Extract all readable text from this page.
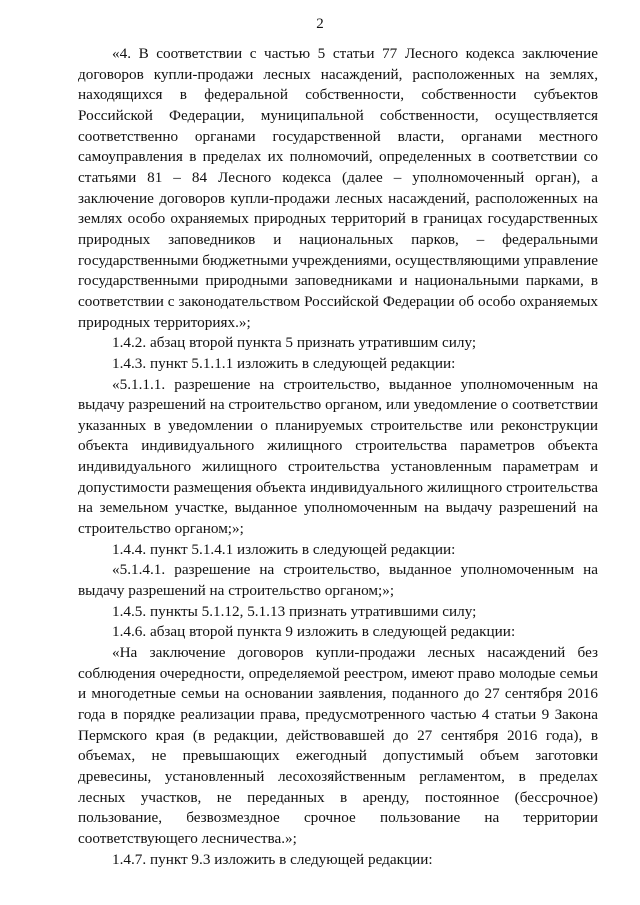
2

«4. В соответствии с частью 5 статьи 77 Лесного кодекса заключение договоров купли-продажи лесных насаждений, расположенных на землях, находящихся в федеральной собственности, собственности субъектов Российской Федерации, муниципальной собственности, осуществляется соответственно органами государственной власти, органами местного самоуправления в пределах их полномочий, определенных в соответствии со статьями 81 – 84 Лесного кодекса (далее – уполномоченный орган), а заключение договоров купли-продажи лесных насаждений, расположенных на землях особо охраняемых природных территорий в границах государственных природных заповедников и национальных парков, – федеральными государственными бюджетными учреждениями, осуществляющими управление государственными природными заповедниками и национальными парками, в соответствии с законодательством Российской Федерации об особо охраняемых природных территориях.»;

1.4.2. абзац второй пункта 5 признать утратившим силу;

1.4.3. пункт 5.1.1.1 изложить в следующей редакции:

«5.1.1.1. разрешение на строительство, выданное уполномоченным на выдачу разрешений на строительство органом, или уведомление о соответствии указанных в уведомлении о планируемых строительстве или реконструкции объекта индивидуального жилищного строительства параметров объекта индивидуального жилищного строительства установленным параметрам и допустимости размещения объекта индивидуального жилищного строительства на земельном участке, выданное уполномоченным на выдачу разрешений на строительство органом;»;

1.4.4. пункт 5.1.4.1 изложить в следующей редакции:

«5.1.4.1. разрешение на строительство, выданное уполномоченным на выдачу разрешений на строительство органом;»;

1.4.5. пункты 5.1.12, 5.1.13 признать утратившими силу;

1.4.6. абзац второй пункта 9 изложить в следующей редакции:

«На заключение договоров купли-продажи лесных насаждений без соблюдения очередности, определяемой реестром, имеют право молодые семьи и многодетные семьи на основании заявления, поданного до 27 сентября 2016 года в порядке реализации права, предусмотренного частью 4 статьи 9 Закона Пермского края (в редакции, действовавшей до 27 сентября 2016 года), в объемах, не превышающих ежегодный допустимый объем заготовки древесины, установленный лесохозяйственным регламентом, в пределах лесных участков, не переданных в аренду, постоянное (бессрочное) пользование, безвозмездное срочное пользование на территории соответствующего лесничества.»;

1.4.7. пункт 9.3 изложить в следующей редакции:
